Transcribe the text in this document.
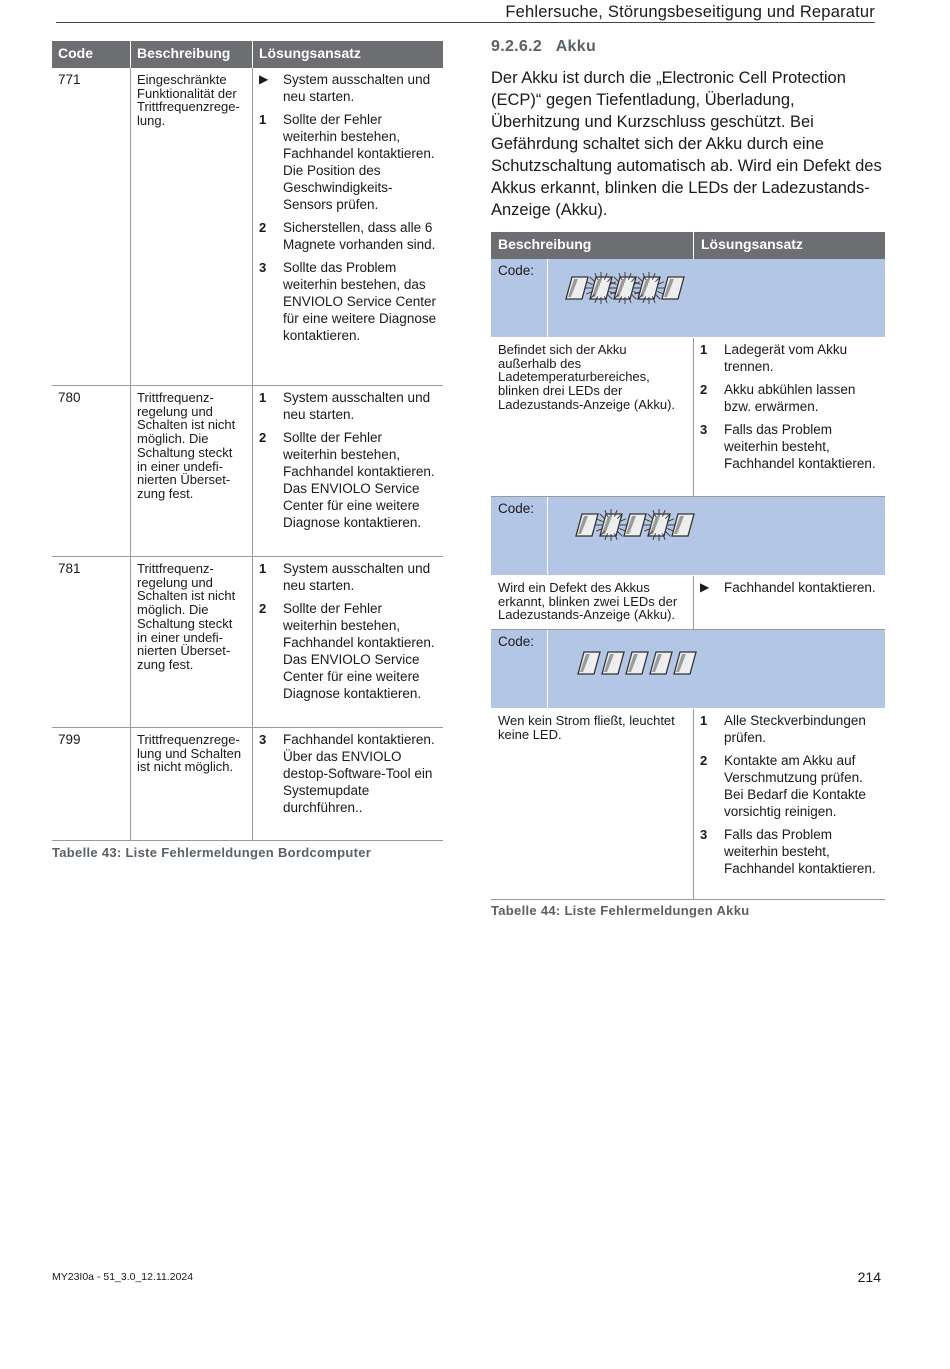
Fehlersuche, Störungsbeseitigung und Reparatur
Code	Beschreibung	Lösungsansatz
771	Eingeschränkte Funktionalität der Trittfrequenzrege-lung.
▶	System ausschalten und neu starten.
1	Sollte der Fehler weiterhin bestehen, Fachhandel kontaktieren. Die Position des Geschwindigkeits-Sensors prüfen.
2	Sicherstellen, dass alle 6 Magnete vorhanden sind.
3	Sollte das Problem weiterhin bestehen, das ENVIOLO Service Center für eine weitere Diagnose kontaktieren.
780	Trittfrequenz-regelung und Schalten ist nicht möglich. Die Schaltung steckt in einer undefi-nierten Überset-zung fest.
1	System ausschalten und neu starten.
2	Sollte der Fehler weiterhin bestehen, Fachhandel kontaktieren. Das ENVIOLO Service Center für eine weitere Diagnose kontaktieren.
781	Trittfrequenz-regelung und Schalten ist nicht möglich. Die Schaltung steckt in einer undefi-nierten Überset-zung fest.
1	System ausschalten und neu starten.
2	Sollte der Fehler weiterhin bestehen, Fachhandel kontaktieren. Das ENVIOLO Service Center für eine weitere Diagnose kontaktieren.
799	Trittfrequenzrege-lung und Schalten ist nicht möglich.
3	Fachhandel kontaktieren. Über das ENVIOLO destop-Software-Tool ein Systemupdate durchführen..
Tabelle 43: Liste Fehlermeldungen Bordcomputer
9.2.6.2 Akku
Der Akku ist durch die „Electronic Cell Protection (ECP)“ gegen Tiefentladung, Überladung, Überhitzung und Kurzschluss geschützt. Bei Gefährdung schaltet sich der Akku durch eine Schutzschaltung automatisch ab. Wird ein Defekt des Akkus erkannt, blinken die LEDs der Ladezustands-Anzeige (Akku).
Beschreibung	Lösungsansatz
Code:
Befindet sich der Akku außerhalb des Ladetemperaturbereiches, blinken drei LEDs der Ladezustands-Anzeige (Akku).
1	Ladegerät vom Akku trennen.
2	Akku abkühlen lassen bzw. erwärmen.
3	Falls das Problem weiterhin besteht, Fachhandel kontaktieren.
Code:
Wird ein Defekt des Akkus erkannt, blinken zwei LEDs der Ladezustands-Anzeige (Akku).
▶	Fachhandel kontaktieren.
Code:
Wen kein Strom fließt, leuchtet keine LED.
1	Alle Steckverbindungen prüfen.
2	Kontakte am Akku auf Verschmutzung prüfen. Bei Bedarf die Kontakte vorsichtig reinigen.
3	Falls das Problem weiterhin besteht, Fachhandel kontaktieren.
Tabelle 44: Liste Fehlermeldungen Akku
MY23I0a - 51_3.0_12.11.2024	214
